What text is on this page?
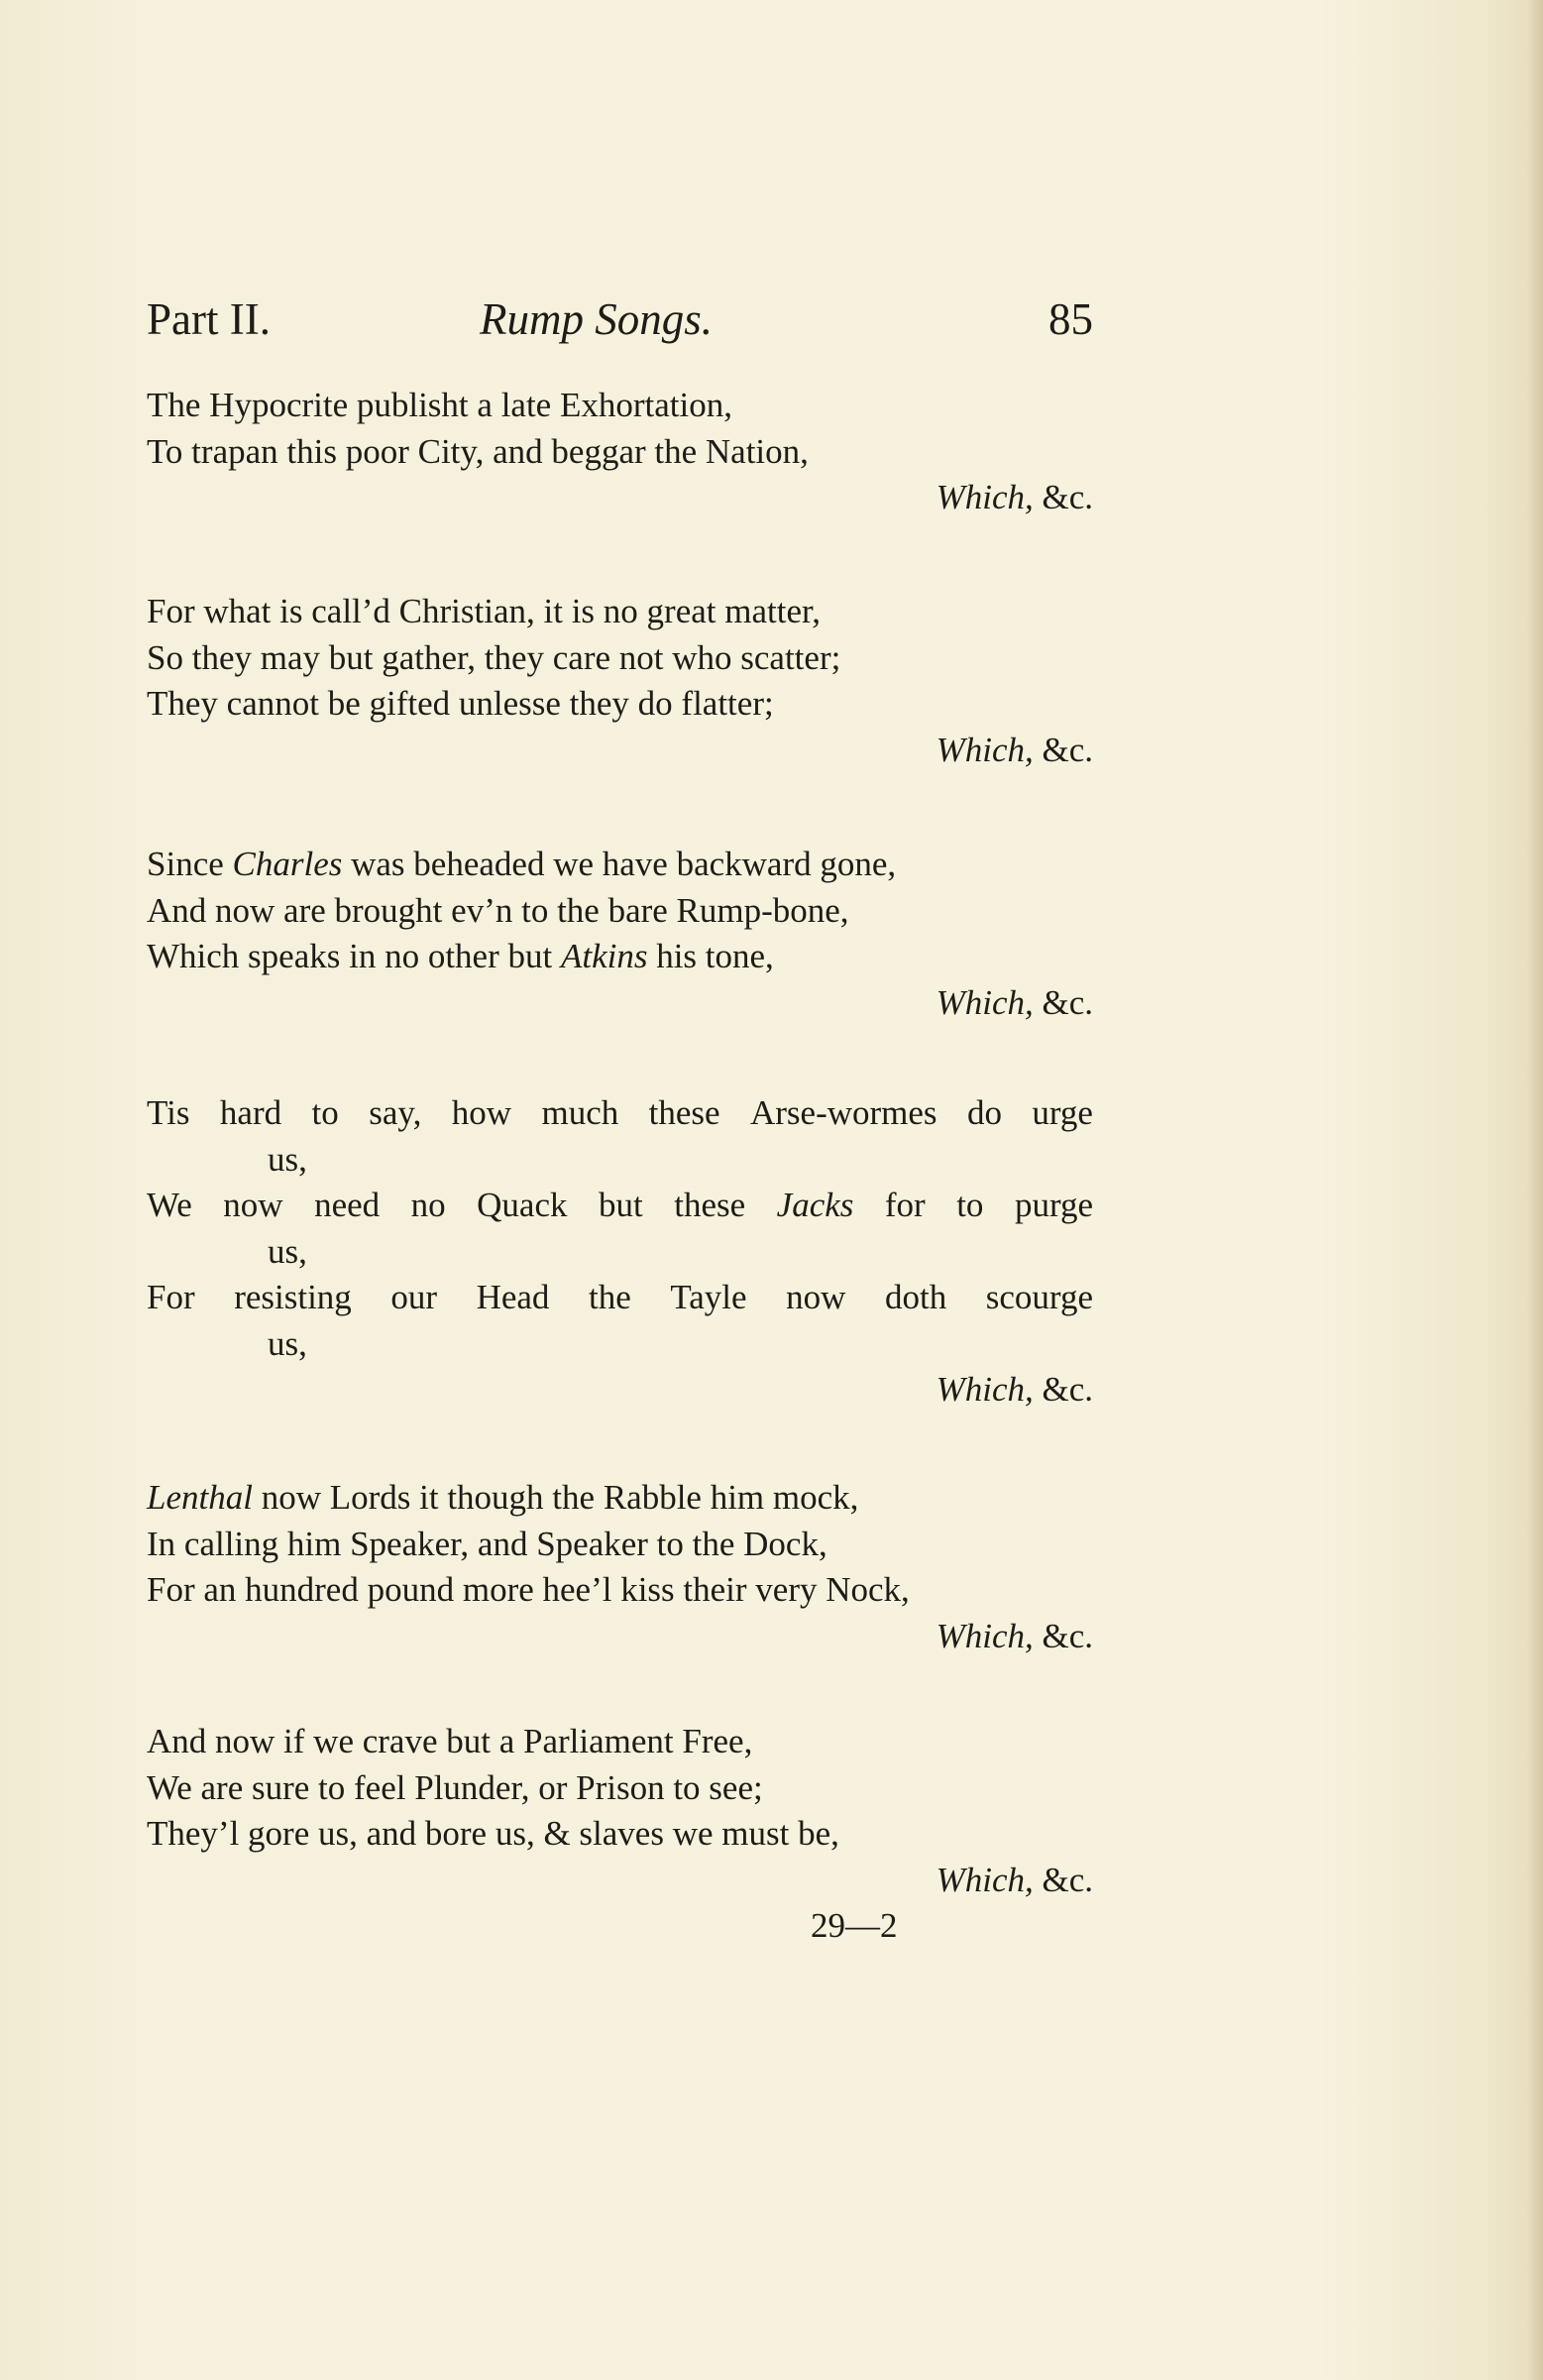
Part II.	Rump Songs.	85
The Hypocrite publisht a late Exhortation,
To trapan this poor City, and beggar the Nation,
Which, &c.
For what is call’d Christian, it is no great matter,
So they may but gather, they care not who scatter;
They cannot be gifted unlesse they do flatter;
Which, &c.
Since Charles was beheaded we have backward gone,
And now are brought ev’n to the bare Rump-bone,
Which speaks in no other but Atkins his tone,
Which, &c.
Tis hard to say, how much these Arse-wormes do urge
us,
We now need no Quack but these Jacks for to purge
us,
For resisting our Head the Tayle now doth scourge
us,
Which, &c.
Lenthal now Lords it though the Rabble him mock,
In calling him Speaker, and Speaker to the Dock,
For an hundred pound more hee’l kiss their very Nock,
Which, &c.
And now if we crave but a Parliament Free,
We are sure to feel Plunder, or Prison to see;
They’l gore us, and bore us, & slaves we must be,
Which, &c.
29—2
